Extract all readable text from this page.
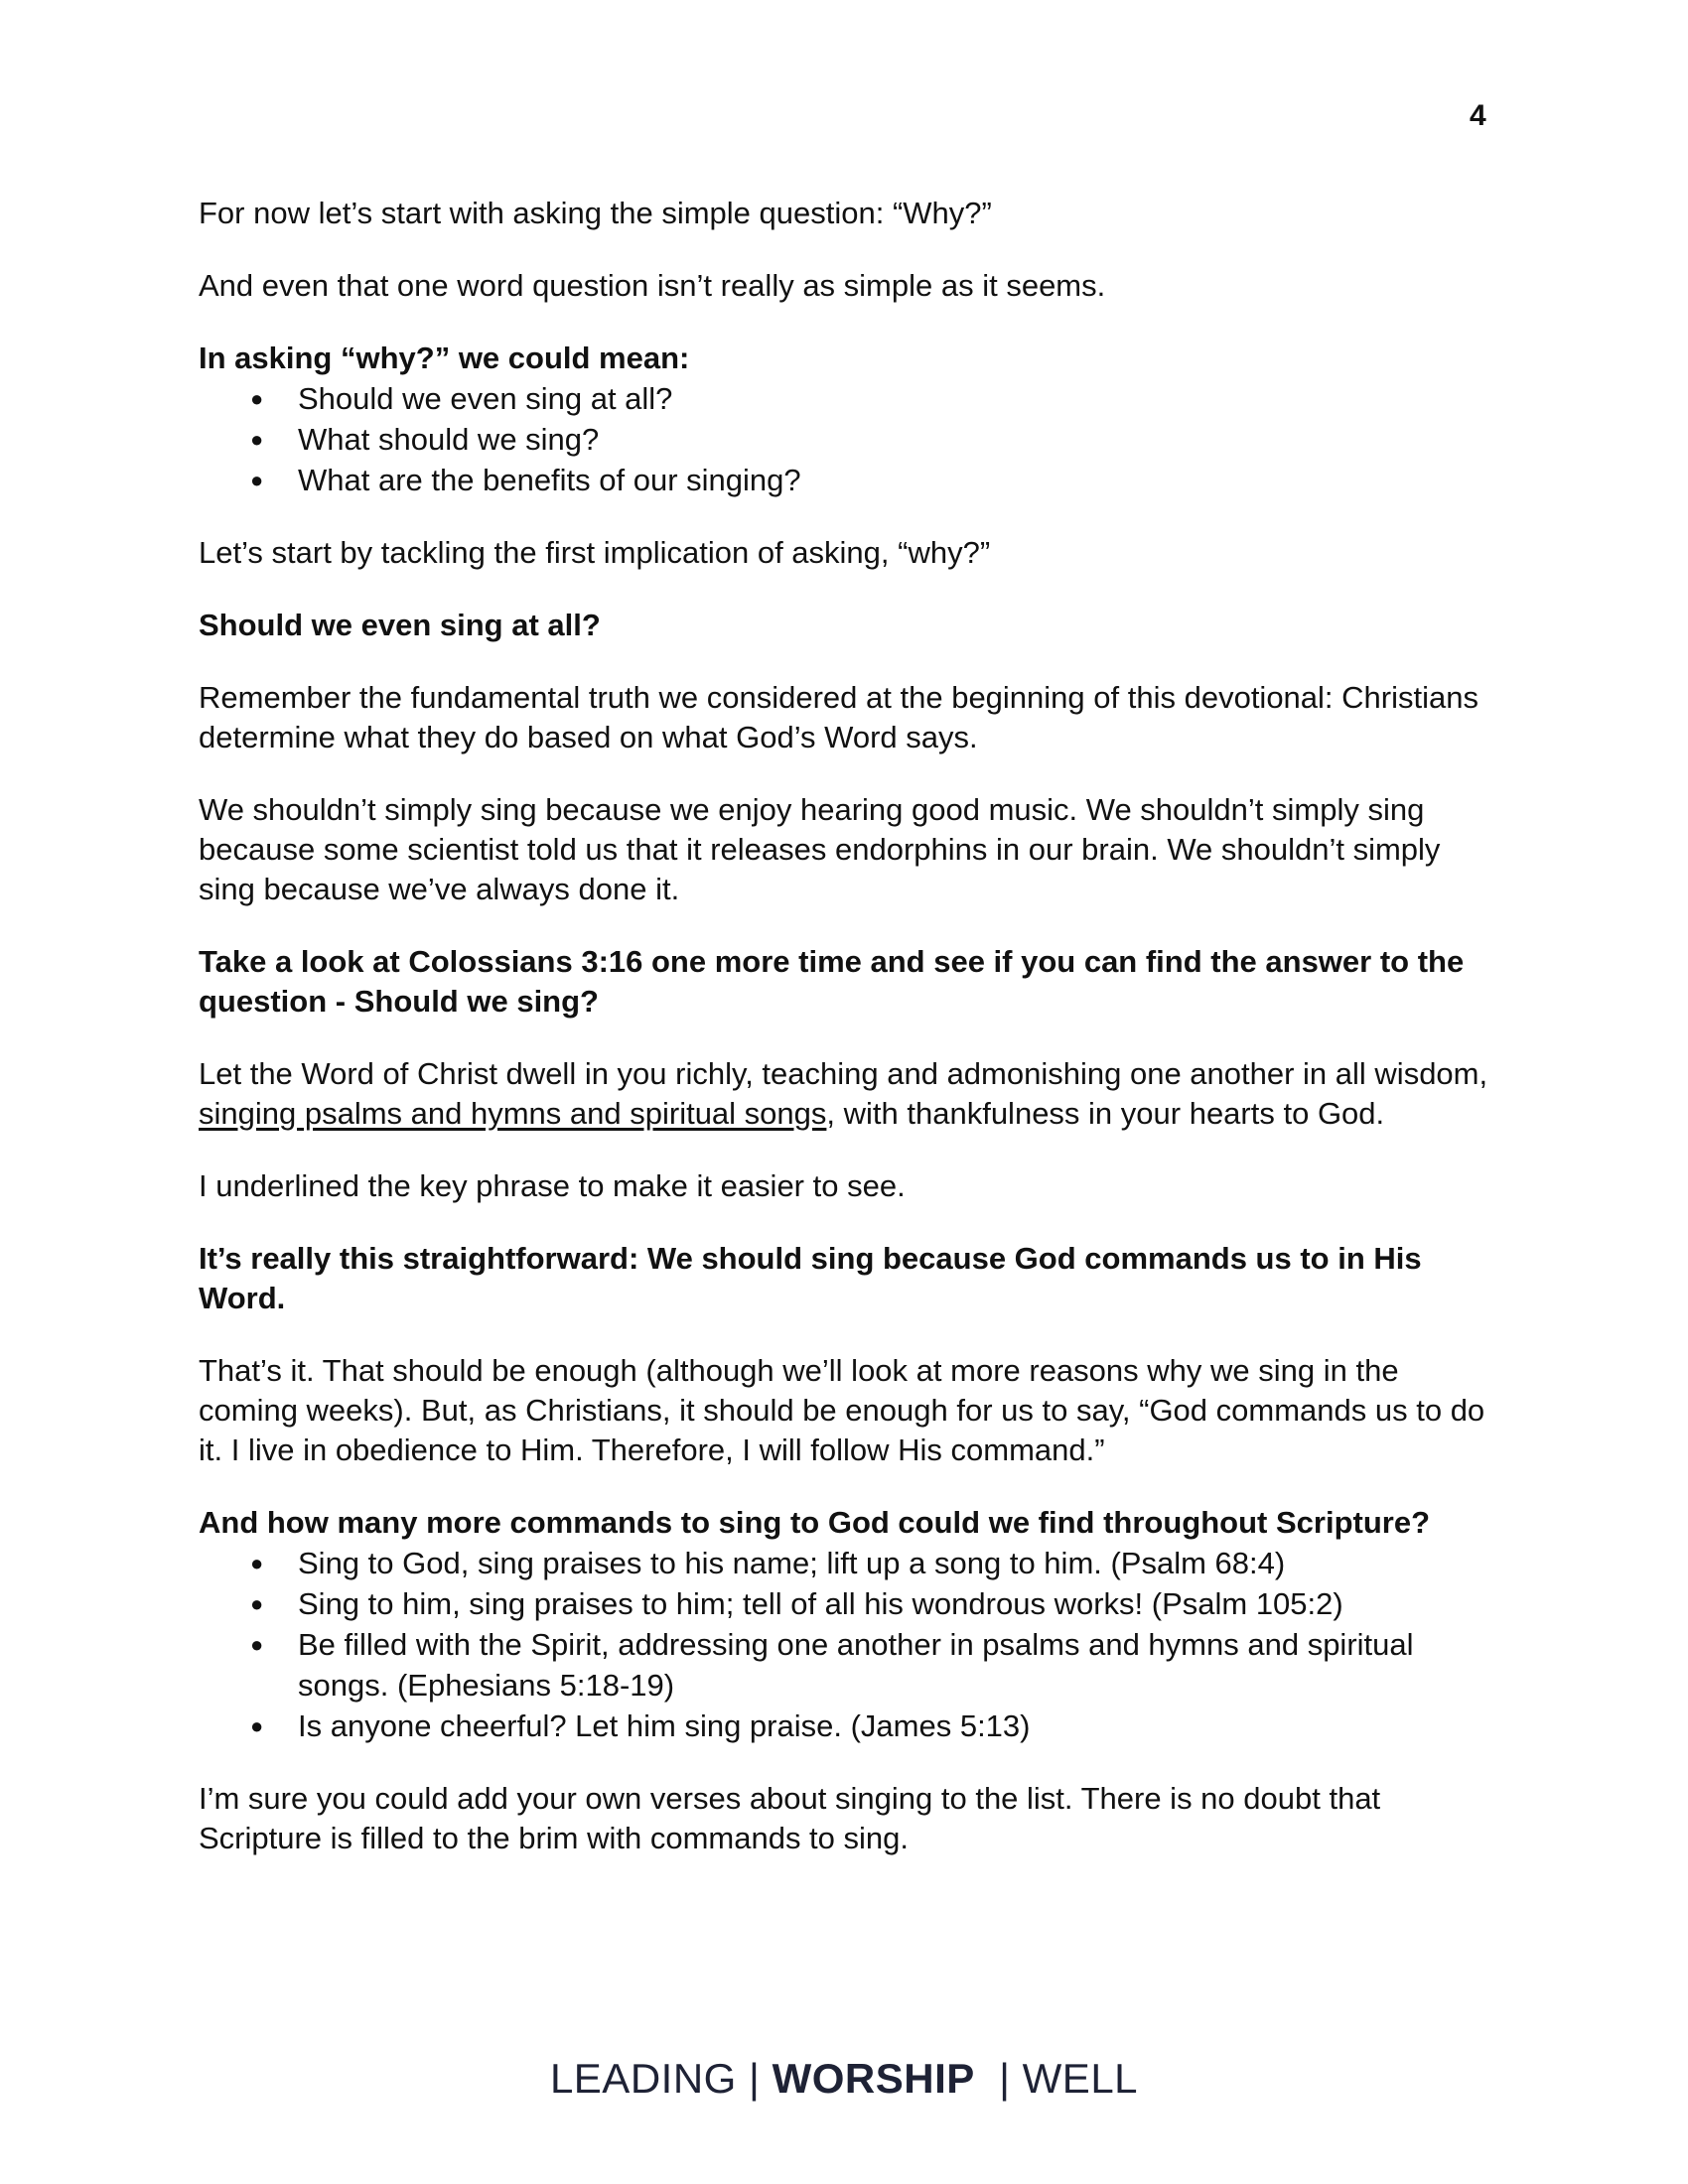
4

For now let’s start with asking the simple question: “Why?”

And even that one word question isn’t really as simple as it seems.

In asking “why?” we could mean:

● Should we even sing at all?
● What should we sing?
● What are the benefits of our singing?

Let’s start by tackling the first implication of asking, “why?”

Should we even sing at all?

Remember the fundamental truth we considered at the beginning of this devotional: Christians determine what they do based on what God’s Word says.

We shouldn’t simply sing because we enjoy hearing good music. We shouldn’t simply sing because some scientist told us that it releases endorphins in our brain. We shouldn’t simply sing because we’ve always done it.

Take a look at Colossians 3:16 one more time and see if you can find the answer to the question - Should we sing?

Let the Word of Christ dwell in you richly, teaching and admonishing one another in all wisdom, singing psalms and hymns and spiritual songs, with thankfulness in your hearts to God.

I underlined the key phrase to make it easier to see.

It’s really this straightforward: We should sing because God commands us to in His Word.

That’s it. That should be enough (although we’ll look at more reasons why we sing in the coming weeks). But, as Christians, it should be enough for us to say, “God commands us to do it. I live in obedience to Him. Therefore, I will follow His command.”

And how many more commands to sing to God could we find throughout Scripture?

● Sing to God, sing praises to his name; lift up a song to him. (Psalm 68:4)
● Sing to him, sing praises to him; tell of all his wondrous works! (Psalm 105:2)
● Be filled with the Spirit, addressing one another in psalms and hymns and spiritual songs. (Ephesians 5:18-19)
● Is anyone cheerful? Let him sing praise. (James 5:13)

I’m sure you could add your own verses about singing to the list. There is no doubt that Scripture is filled to the brim with commands to sing.

LEADING | WORSHIP  | WELL
